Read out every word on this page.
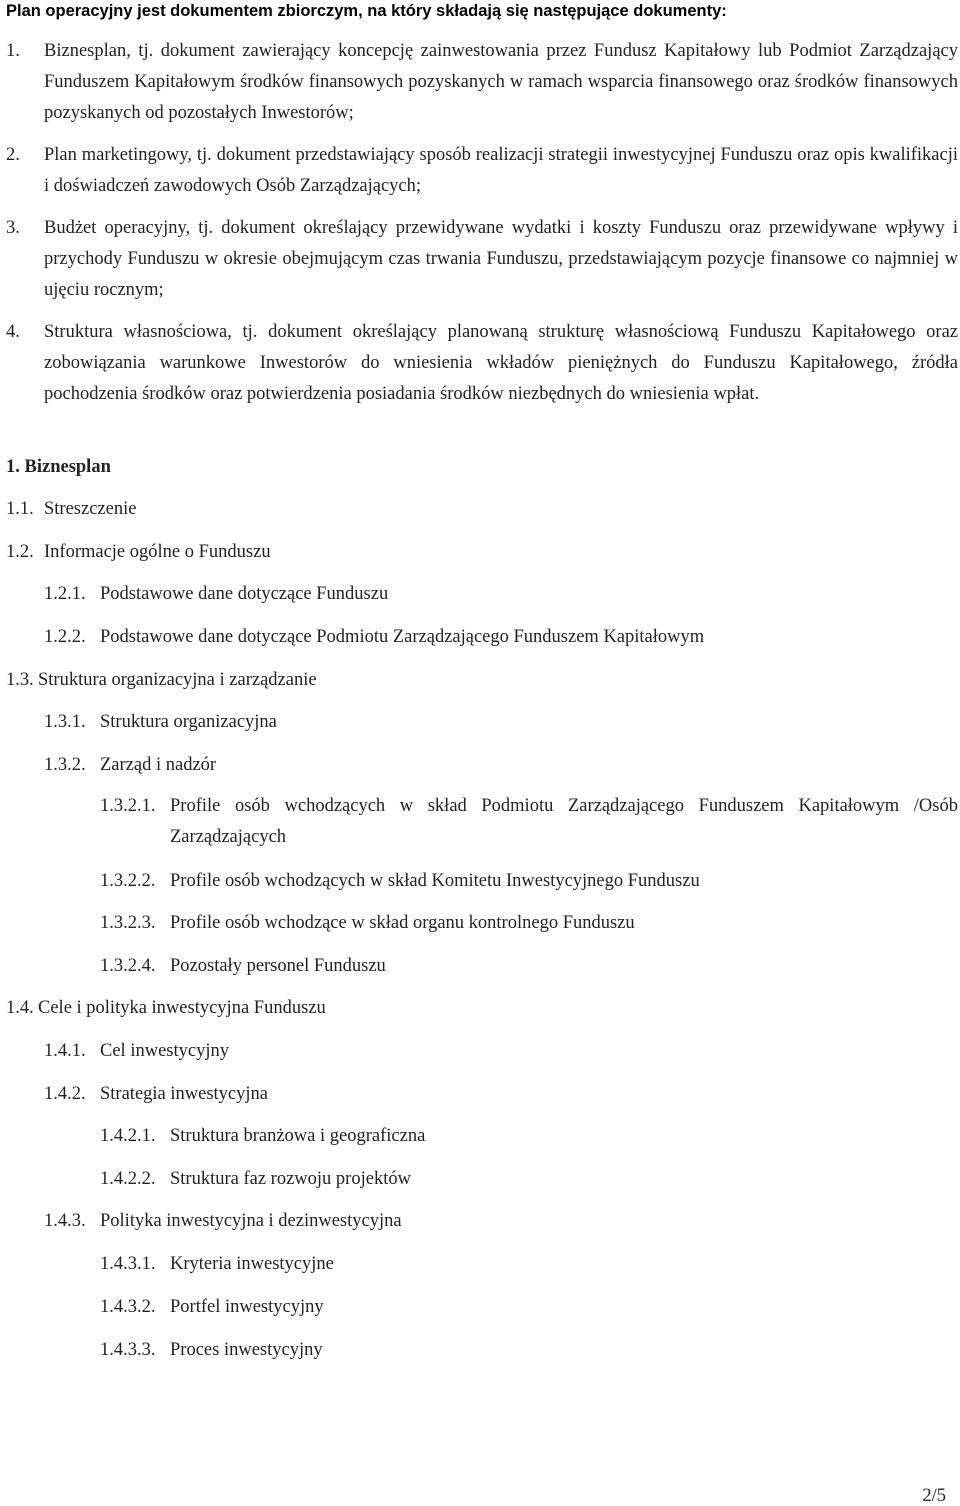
Plan operacyjny jest dokumentem zbiorczym, na który składają się następujące dokumenty:
1. Biznesplan, tj. dokument zawierający koncepcję zainwestowania przez Fundusz Kapitałowy lub Podmiot Zarządzający Funduszem Kapitałowym środków finansowych pozyskanych w ramach wsparcia finansowego oraz środków finansowych pozyskanych od pozostałych Inwestorów;
2. Plan marketingowy, tj. dokument przedstawiający sposób realizacji strategii inwestycyjnej Funduszu oraz opis kwalifikacji i doświadczeń zawodowych Osób Zarządzających;
3. Budżet operacyjny, tj. dokument określający przewidywane wydatki i koszty Funduszu oraz przewidywane wpływy i przychody Funduszu w okresie obejmującym czas trwania Funduszu, przedstawiającym pozycje finansowe co najmniej w ujęciu rocznym;
4. Struktura własnościowa, tj. dokument określający planowaną strukturę własnościową Funduszu Kapitałowego oraz zobowiązania warunkowe Inwestorów do wniesienia wkładów pieniężnych do Funduszu Kapitałowego, źródła pochodzenia środków oraz potwierdzenia posiadania środków niezbędnych do wniesienia wpłat.
1. Biznesplan
1.1. Streszczenie
1.2. Informacje ogólne o Funduszu
1.2.1. Podstawowe dane dotyczące Funduszu
1.2.2. Podstawowe dane dotyczące Podmiotu Zarządzającego Funduszem Kapitałowym
1.3. Struktura organizacyjna i zarządzanie
1.3.1. Struktura organizacyjna
1.3.2. Zarząd i nadzór
1.3.2.1. Profile osób wchodzących w skład Podmiotu Zarządzającego Funduszem Kapitałowym /Osób Zarządzających
1.3.2.2. Profile osób wchodzących w skład Komitetu Inwestycyjnego Funduszu
1.3.2.3. Profile osób wchodzące w skład organu kontrolnego Funduszu
1.3.2.4. Pozostały personel Funduszu
1.4. Cele i polityka inwestycyjna Funduszu
1.4.1. Cel inwestycyjny
1.4.2. Strategia inwestycyjna
1.4.2.1. Struktura branżowa i geograficzna
1.4.2.2. Struktura faz rozwoju projektów
1.4.3. Polityka inwestycyjna i dezinwestycyjna
1.4.3.1. Kryteria inwestycyjne
1.4.3.2. Portfel inwestycyjny
1.4.3.3. Proces inwestycyjny
2/5
